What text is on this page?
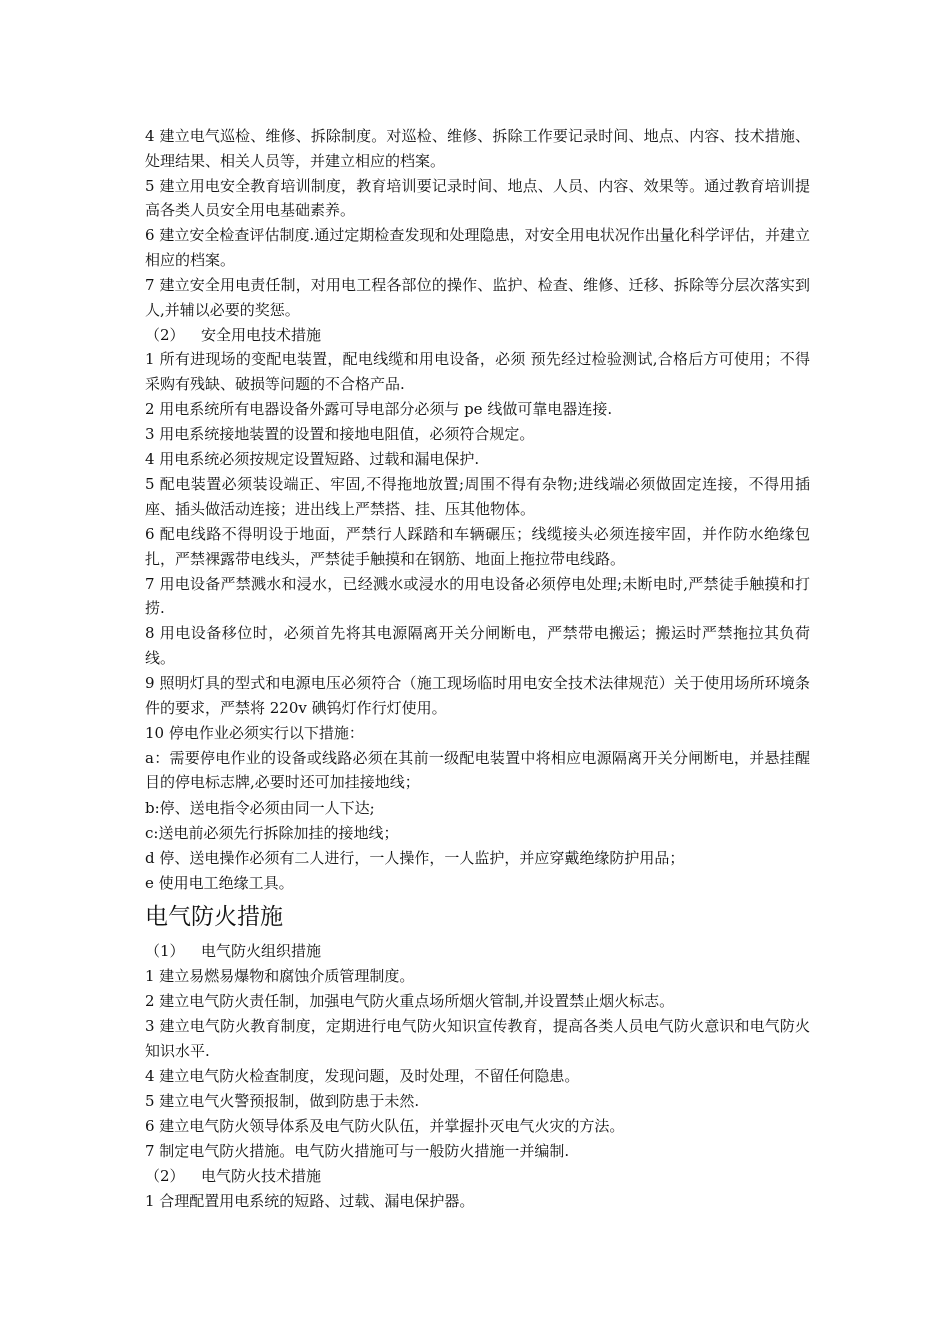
4 建立电气巡检、维修、拆除制度。对巡检、维修、拆除工作要记录时间、地点、内容、技术措施、处理结果、相关人员等，并建立相应的档案。

5 建立用电安全教育培训制度，教育培训要记录时间、地点、人员、内容、效果等。通过教育培训提高各类人员安全用电基础素养。

6 建立安全检查评估制度.通过定期检查发现和处理隐患，对安全用电状况作出量化科学评估，并建立相应的档案。

7 建立安全用电责任制，对用电工程各部位的操作、监护、检查、维修、迁移、拆除等分层次落实到人,并辅以必要的奖惩。

（2） 安全用电技术措施

1 所有进现场的变配电装置，配电线缆和用电设备，必须 预先经过检验测试,合格后方可使用；不得采购有残缺、破损等问题的不合格产品.

2 用电系统所有电器设备外露可导电部分必须与 pe 线做可靠电器连接.

3 用电系统接地装置的设置和接地电阻值，必须符合规定。

4 用电系统必须按规定设置短路、过载和漏电保护.

5 配电装置必须装设端正、牢固,不得拖地放置;周围不得有杂物;进线端必须做固定连接，不得用插座、插头做活动连接；进出线上严禁搭、挂、压其他物体。

6 配电线路不得明设于地面，严禁行人踩踏和车辆碾压；线缆接头必须连接牢固，并作防水绝缘包扎，严禁裸露带电线头，严禁徒手触摸和在钢筋、地面上拖拉带电线路。

7 用电设备严禁溅水和浸水，已经溅水或浸水的用电设备必须停电处理;未断电时,严禁徒手触摸和打捞.

8 用电设备移位时，必须首先将其电源隔离开关分闸断电，严禁带电搬运；搬运时严禁拖拉其负荷线。

9 照明灯具的型式和电源电压必须符合（施工现场临时用电安全技术法律规范）关于使用场所环境条件的要求，严禁将 220v 碘钨灯作行灯使用。

10 停电作业必须实行以下措施：

a：需要停电作业的设备或线路必须在其前一级配电装置中将相应电源隔离开关分闸断电，并悬挂醒目的停电标志牌,必要时还可加挂接地线；

b:停、送电指令必须由同一人下达;

c:送电前必须先行拆除加挂的接地线；

d 停、送电操作必须有二人进行，一人操作，一人监护，并应穿戴绝缘防护用品；

e 使用电工绝缘工具。

电气防火措施

（1） 电气防火组织措施

1 建立易燃易爆物和腐蚀介质管理制度。

2 建立电气防火责任制，加强电气防火重点场所烟火管制,并设置禁止烟火标志。

3 建立电气防火教育制度，定期进行电气防火知识宣传教育，提高各类人员电气防火意识和电气防火知识水平.

4 建立电气防火检查制度，发现问题，及时处理，不留任何隐患。

5 建立电气火警预报制，做到防患于未然.

6 建立电气防火领导体系及电气防火队伍，并掌握扑灭电气火灾的方法。

7 制定电气防火措施。电气防火措施可与一般防火措施一并编制.

（2） 电气防火技术措施

1 合理配置用电系统的短路、过载、漏电保护器。
